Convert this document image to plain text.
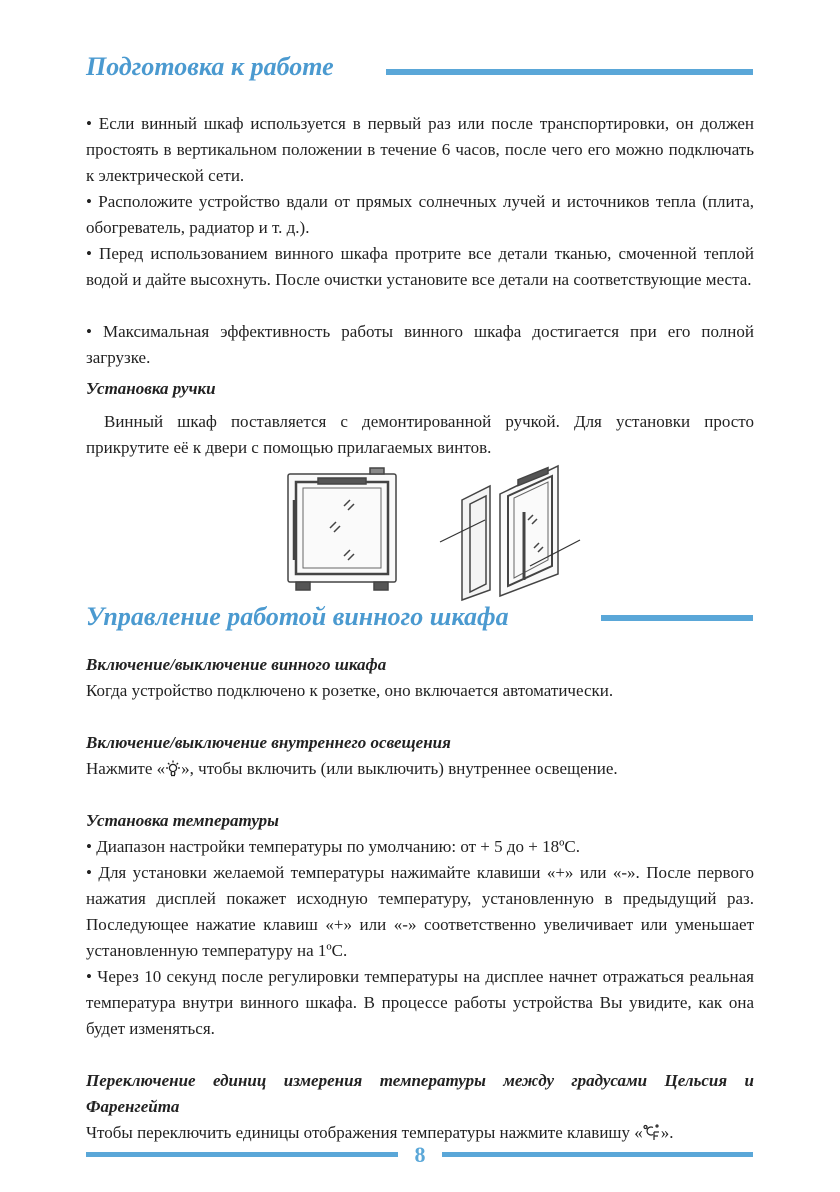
Подготовка к работе

• Если винный шкаф используется в первый раз или после транспортировки, он должен простоять в вертикальном положении в течение 6 часов, после чего его можно подключать к электрической сети.

• Расположите устройство вдали от прямых солнечных лучей и источников тепла (плита, обогреватель, радиатор и т. д.).

• Перед использованием винного шкафа протрите все детали тканью, смоченной теплой водой и дайте высохнуть. После очистки установите все детали на соответствующие места.

• Максимальная эффективность работы винного шкафа достигается при его полной загрузке.

Установка ручки

Винный шкаф поставляется с демонтированной ручкой. Для установки просто прикрутите её к двери с помощью прилагаемых винтов.

Управление работой винного шкафа
Включение/выключение винного шкафа

Когда устройство подключено к розетке, оно включается автоматически.

Включение/выключение внутреннего освещения

Нажмите « », чтобы включить (или выключить) внутреннее освещение.

Установка температуры

• Диапазон настройки температуры по умолчанию: от + 5 до + 18ºС.

• Для установки желаемой температуры нажимайте клавиши «+» или «-». После первого нажатия дисплей покажет исходную температуру, установленную в предыдущий раз. Последующее нажатие клавиш «+» или «-» соответственно увеличивает или уменьшает установленную температуру на 1ºС.

• Через 10 секунд после регулировки температуры на дисплее начнет отражаться реальная температура внутри винного шкафа. В процессе работы устройства Вы увидите, как она будет изменяться.

Переключение единиц измерения температуры между градусами Цельсия и Фаренгейта

Чтобы переключить единицы отображения температуры нажмите клавишу « ».

8
